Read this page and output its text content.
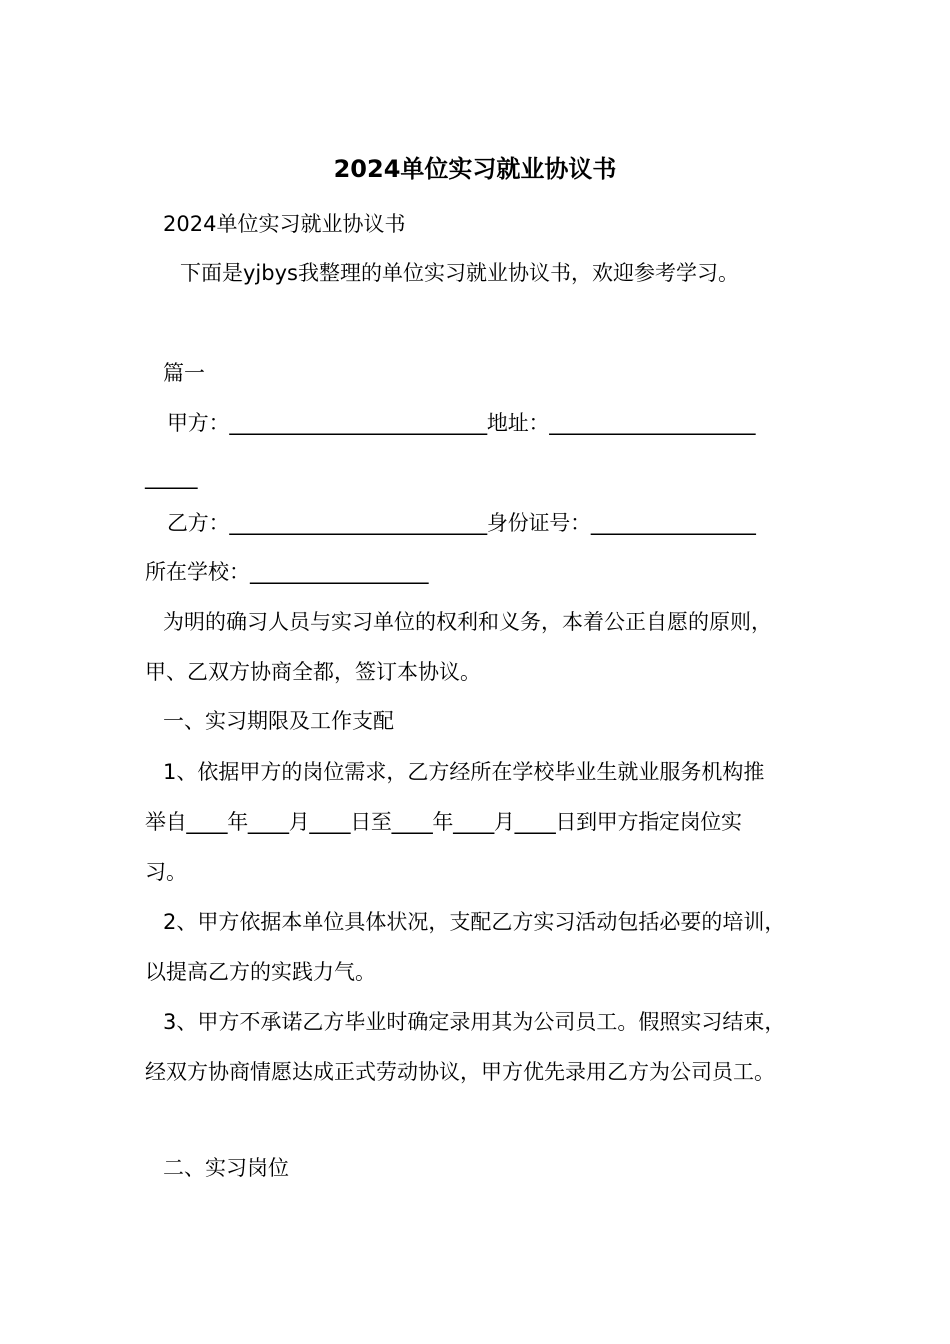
2024单位实习就业协议书
2024单位实习就业协议书
下面是yjbys我整理的单位实习就业协议书，欢迎参考学习。
篇一
甲方：_________________________地址：____________________
_____
乙方：_________________________身份证号：________________
所在学校：_________________
为明的确习人员与实习单位的权利和义务，本着公正自愿的原则，
甲、乙双方协商全都，签订本协议。
一、实习期限及工作支配
1、依据甲方的岗位需求，乙方经所在学校毕业生就业服务机构推
举自____年____月____日至____年____月____日到甲方指定岗位实
习。
2、甲方依据本单位具体状况，支配乙方实习活动包括必要的培训，
以提高乙方的实践力气。
3、甲方不承诺乙方毕业时确定录用其为公司员工。假照实习结束，
经双方协商情愿达成正式劳动协议，甲方优先录用乙方为公司员工。
二、实习岗位
